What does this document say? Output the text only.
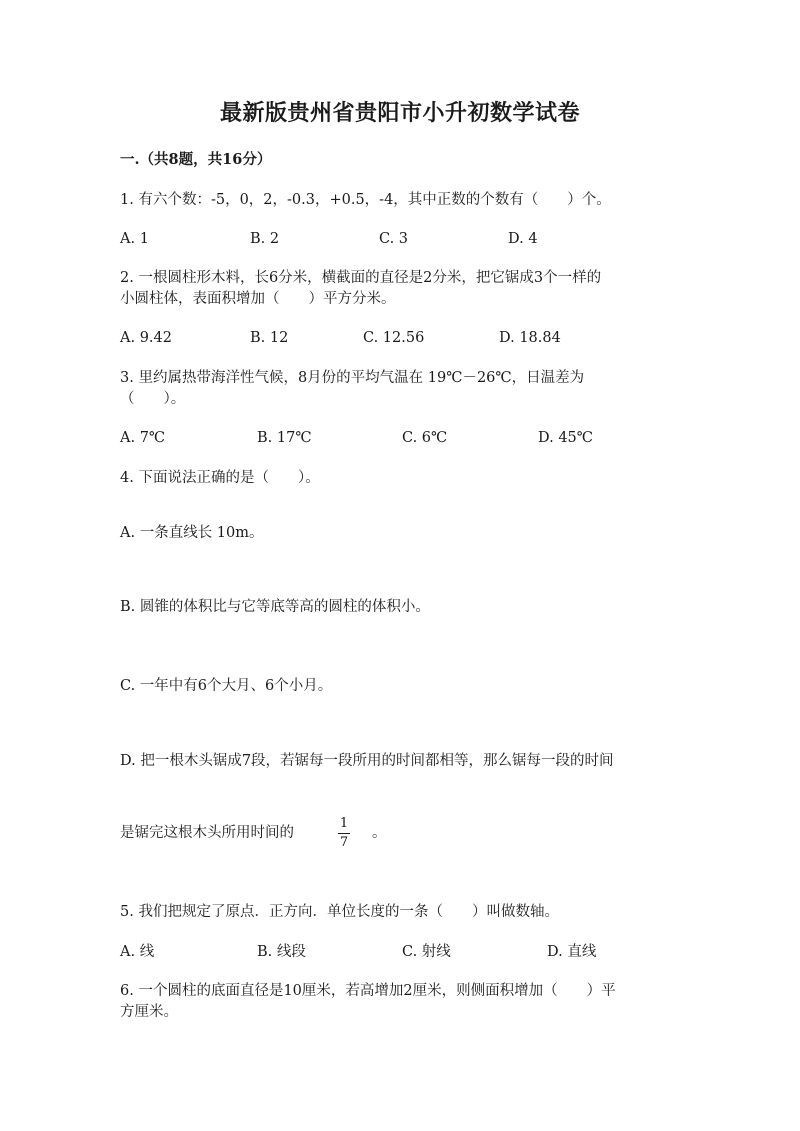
最新版贵州省贵阳市小升初数学试卷
一.（共8题，共16分）
1. 有六个数：-5，0，2，-0.3，+0.5，-4，其中正数的个数有（　　）个。
A. 1	B. 2	C. 3	D. 4
2. 一根圆柱形木料，长6分米，横截面的直径是2分米，把它锯成3个一样的
小圆柱体，表面积增加（　　）平方分米。
A. 9.42	B. 12	C. 12.56	D. 18.84
3. 里约属热带海洋性气候，8月份的平均气温在 19℃－26℃，日温差为
（　　）。
A. 7℃	B. 17℃	C. 6℃	D. 45℃
4. 下面说法正确的是（　　）。
A. 一条直线长 10m。
B. 圆锥的体积比与它等底等高的圆柱的体积小。
C. 一年中有6个大月、6个小月。
D. 把一根木头锯成7段，若锯每一段所用的时间都相等，那么锯每一段的时间
是锯完这根木头所用时间的
1
7
。
5. 我们把规定了原点．正方向．单位长度的一条（　　）叫做数轴。
A. 线	B. 线段	C. 射线	D. 直线
6. 一个圆柱的底面直径是10厘米，若高增加2厘米，则侧面积增加（　　）平
方厘米。
